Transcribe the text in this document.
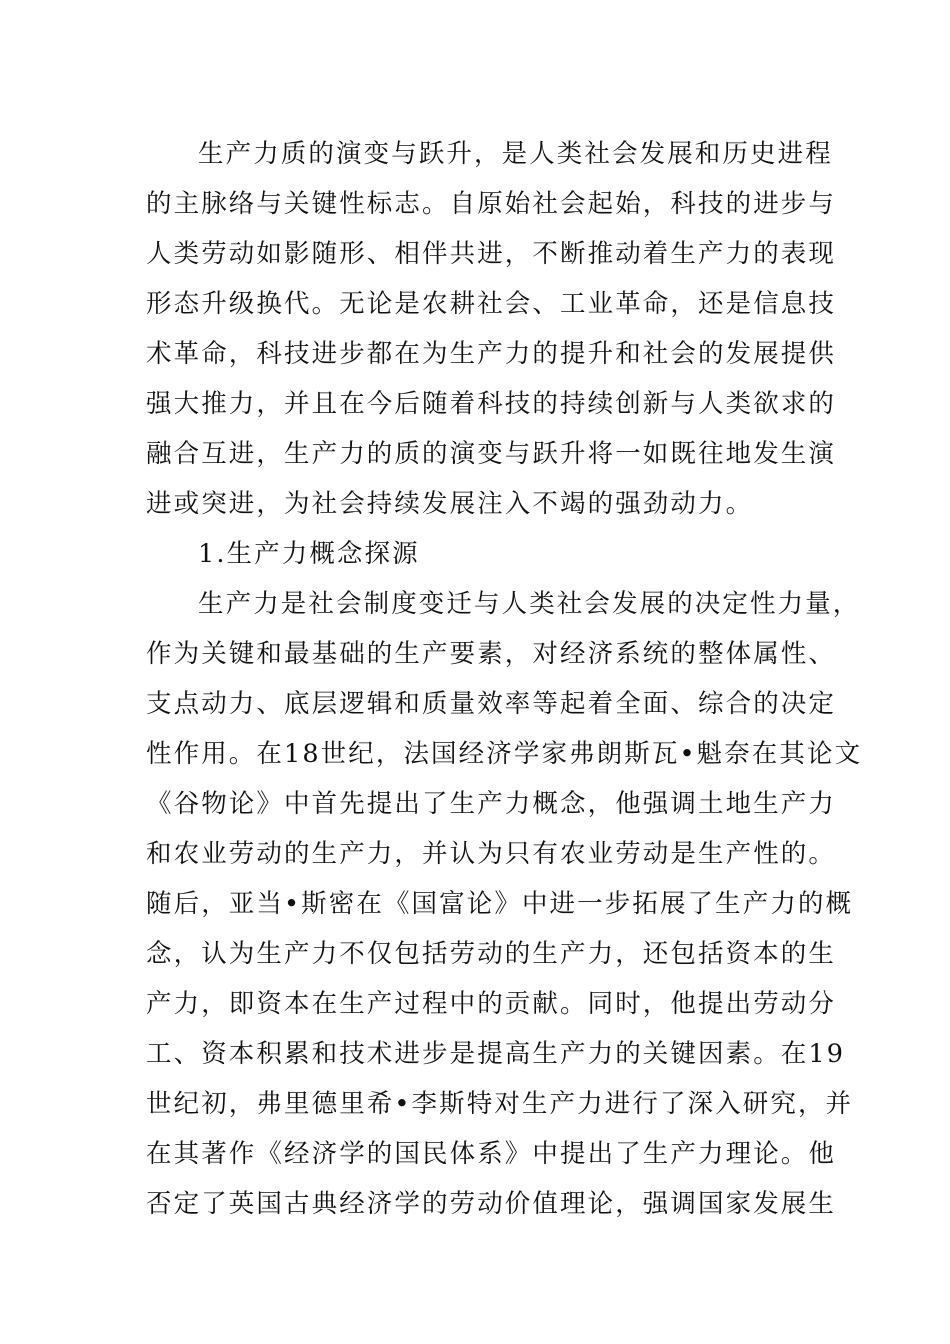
生产力质的演变与跃升，是人类社会发展和历史进程
的主脉络与关键性标志。自原始社会起始，科技的进步与
人类劳动如影随形、相伴共进，不断推动着生产力的表现
形态升级换代。无论是农耕社会、工业革命，还是信息技
术革命，科技进步都在为生产力的提升和社会的发展提供
强大推力，并且在今后随着科技的持续创新与人类欲求的
融合互进，生产力的质的演变与跃升将一如既往地发生演
进或突进，为社会持续发展注入不竭的强劲动力。
1.生产力概念探源
生产力是社会制度变迁与人类社会发展的决定性力量，
作为关键和最基础的生产要素，对经济系统的整体属性、
支点动力、底层逻辑和质量效率等起着全面、综合的决定
性作用。在18世纪，法国经济学家弗朗斯瓦•魁奈在其论文
《谷物论》中首先提出了生产力概念，他强调土地生产力
和农业劳动的生产力，并认为只有农业劳动是生产性的。
随后，亚当•斯密在《国富论》中进一步拓展了生产力的概
念，认为生产力不仅包括劳动的生产力，还包括资本的生
产力，即资本在生产过程中的贡献。同时，他提出劳动分
工、资本积累和技术进步是提高生产力的关键因素。在19
世纪初，弗里德里希•李斯特对生产力进行了深入研究，并
在其著作《经济学的国民体系》中提出了生产力理论。他
否定了英国古典经济学的劳动价值理论，强调国家发展生
